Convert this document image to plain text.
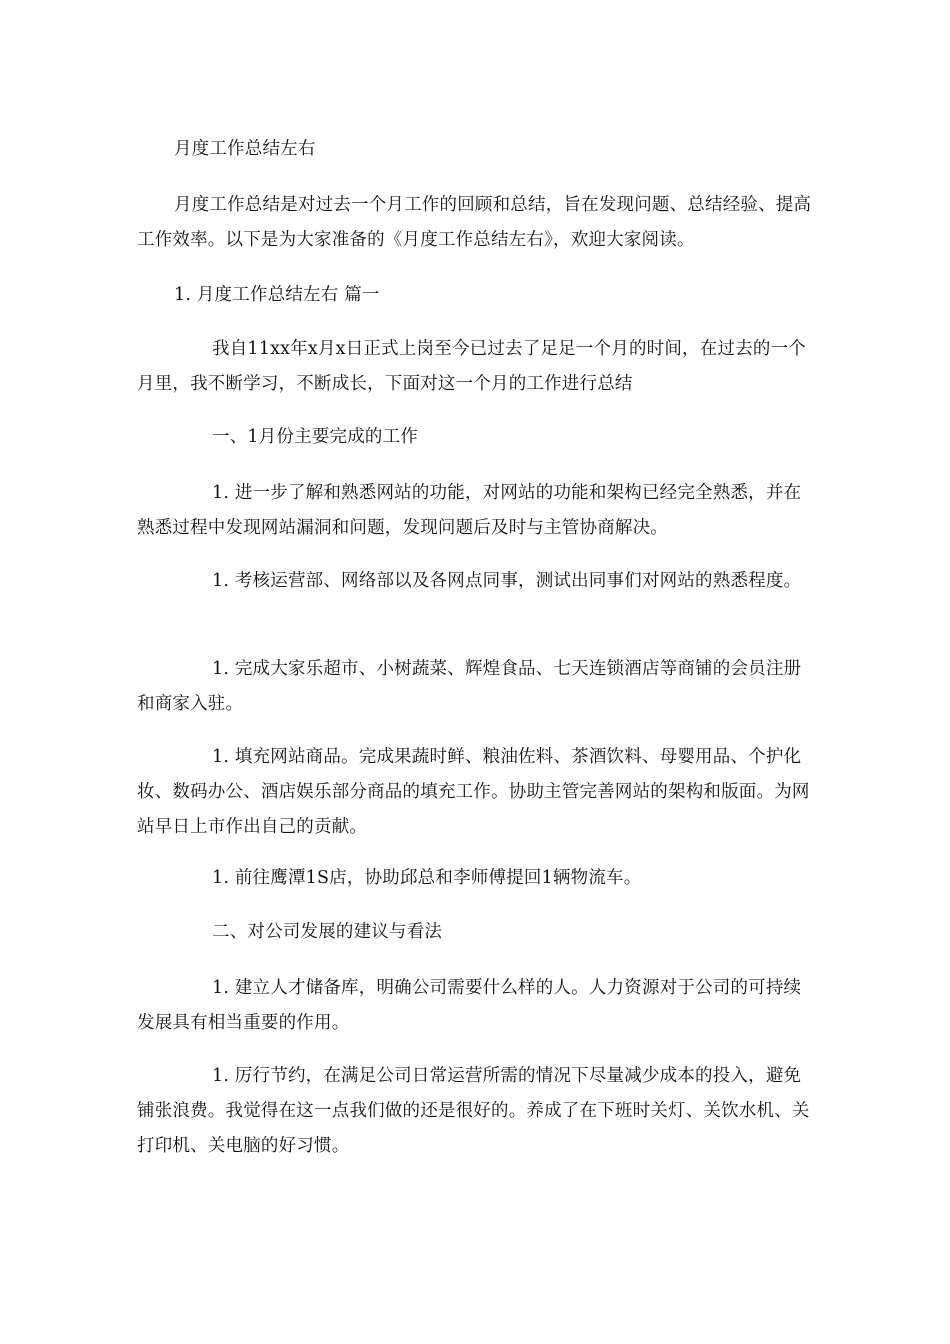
月度工作总结左右

月度工作总结是对过去一个月工作的回顾和总结，旨在发现问题、总结经验、提高工作效率。以下是为大家准备的《月度工作总结左右》，欢迎大家阅读。

1. 月度工作总结左右 篇一

我自11xx年x月x日正式上岗至今已过去了足足一个月的时间，在过去的一个月里，我不断学习，不断成长，下面对这一个月的工作进行总结

一、1月份主要完成的工作

1. 进一步了解和熟悉网站的功能，对网站的功能和架构已经完全熟悉，并在熟悉过程中发现网站漏洞和问题，发现问题后及时与主管协商解决。

1. 考核运营部、网络部以及各网点同事，测试出同事们对网站的熟悉程度。

1. 完成大家乐超市、小树蔬菜、辉煌食品、七天连锁酒店等商铺的会员注册和商家入驻。

1. 填充网站商品。完成果蔬时鲜、粮油佐料、茶酒饮料、母婴用品、个护化妆、数码办公、酒店娱乐部分商品的填充工作。协助主管完善网站的架构和版面。为网站早日上市作出自己的贡献。

1. 前往鹰潭1S店，协助邱总和李师傅提回1辆物流车。

二、对公司发展的建议与看法

1. 建立人才储备库，明确公司需要什么样的人。人力资源对于公司的可持续发展具有相当重要的作用。

1. 厉行节约，在满足公司日常运营所需的情况下尽量减少成本的投入，避免铺张浪费。我觉得在这一点我们做的还是很好的。养成了在下班时关灯、关饮水机、关打印机、关电脑的好习惯。
